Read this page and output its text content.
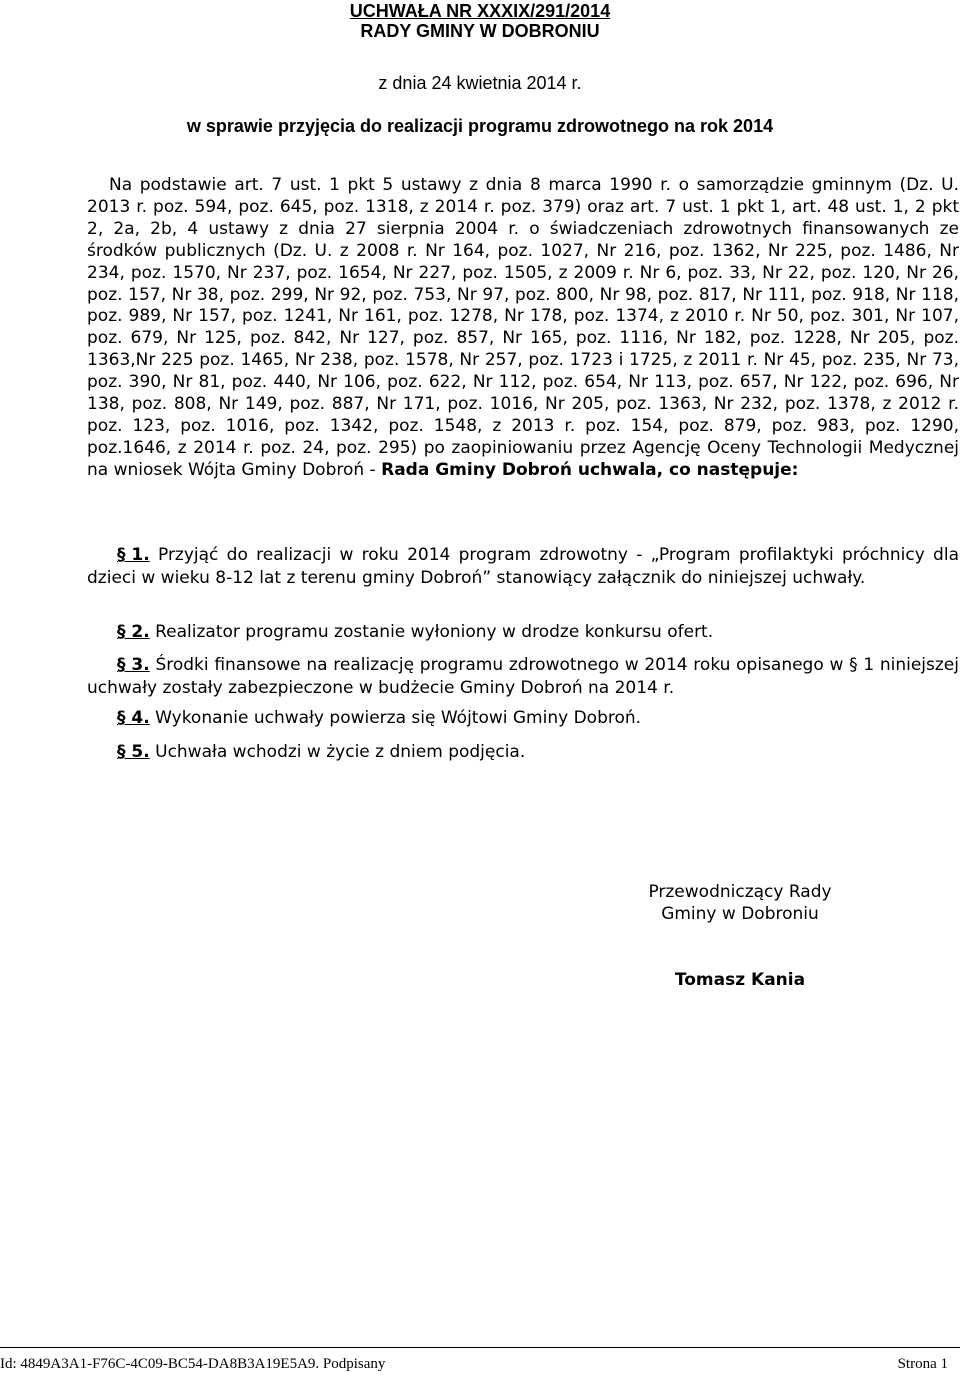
UCHWAŁA NR XXXIX/291/2014
RADY GMINY W DOBRONIU
z dnia 24 kwietnia 2014 r.
w sprawie przyjęcia do realizacji programu zdrowotnego na rok 2014
Na podstawie art. 7 ust. 1 pkt 5 ustawy z dnia 8 marca 1990 r. o samorządzie gminnym (Dz. U. 2013 r. poz. 594, poz. 645, poz. 1318, z 2014 r. poz. 379) oraz art. 7 ust. 1 pkt 1, art. 48 ust. 1, 2 pkt 2, 2a, 2b, 4 ustawy z dnia 27 sierpnia 2004 r. o świadczeniach zdrowotnych finansowanych ze środków publicznych (Dz. U. z 2008 r. Nr 164, poz. 1027, Nr 216, poz. 1362, Nr 225, poz. 1486, Nr 234, poz. 1570, Nr 237, poz. 1654, Nr 227, poz. 1505, z 2009 r. Nr 6, poz. 33, Nr 22, poz. 120, Nr 26, poz. 157, Nr 38, poz. 299, Nr 92, poz. 753, Nr 97, poz. 800, Nr 98, poz. 817, Nr 111, poz. 918, Nr 118, poz. 989, Nr 157, poz. 1241, Nr 161, poz. 1278, Nr 178, poz. 1374, z 2010 r. Nr 50, poz. 301, Nr 107, poz. 679, Nr 125, poz. 842, Nr 127, poz. 857, Nr 165, poz. 1116, Nr 182, poz. 1228, Nr 205, poz. 1363,Nr 225 poz. 1465, Nr 238, poz. 1578, Nr 257, poz. 1723 i 1725, z 2011 r. Nr 45, poz. 235, Nr 73, poz. 390, Nr 81, poz. 440, Nr 106, poz. 622, Nr 112, poz. 654, Nr 113, poz. 657, Nr 122, poz. 696, Nr 138, poz. 808, Nr 149, poz. 887, Nr 171, poz. 1016, Nr 205, poz. 1363, Nr 232, poz. 1378, z 2012 r. poz. 123, poz. 1016, poz. 1342, poz. 1548, z 2013 r. poz. 154, poz. 879, poz. 983, poz. 1290, poz.1646, z 2014 r. poz. 24, poz. 295) po zaopiniowaniu przez Agencję Oceny Technologii Medycznej na wniosek Wójta Gminy Dobroń - Rada Gminy Dobroń uchwala, co następuje:
§ 1. Przyjąć do realizacji w roku 2014 program zdrowotny - „Program profilaktyki próchnicy dla dzieci w wieku 8-12 lat z terenu gminy Dobroń” stanowiący załącznik do niniejszej uchwały.
§ 2. Realizator programu zostanie wyłoniony w drodze konkursu ofert.
§ 3. Środki finansowe na realizację programu zdrowotnego w 2014 roku opisanego w § 1 niniejszej uchwały zostały zabezpieczone w budżecie Gminy Dobroń na 2014 r.
§ 4. Wykonanie uchwały powierza się Wójtowi Gminy Dobroń.
§ 5. Uchwała wchodzi w życie z dniem podjęcia.
Przewodniczący Rady
Gminy w Dobroniu
Tomasz Kania
Id: 4849A3A1-F76C-4C09-BC54-DA8B3A19E5A9. Podpisany	Strona 1
